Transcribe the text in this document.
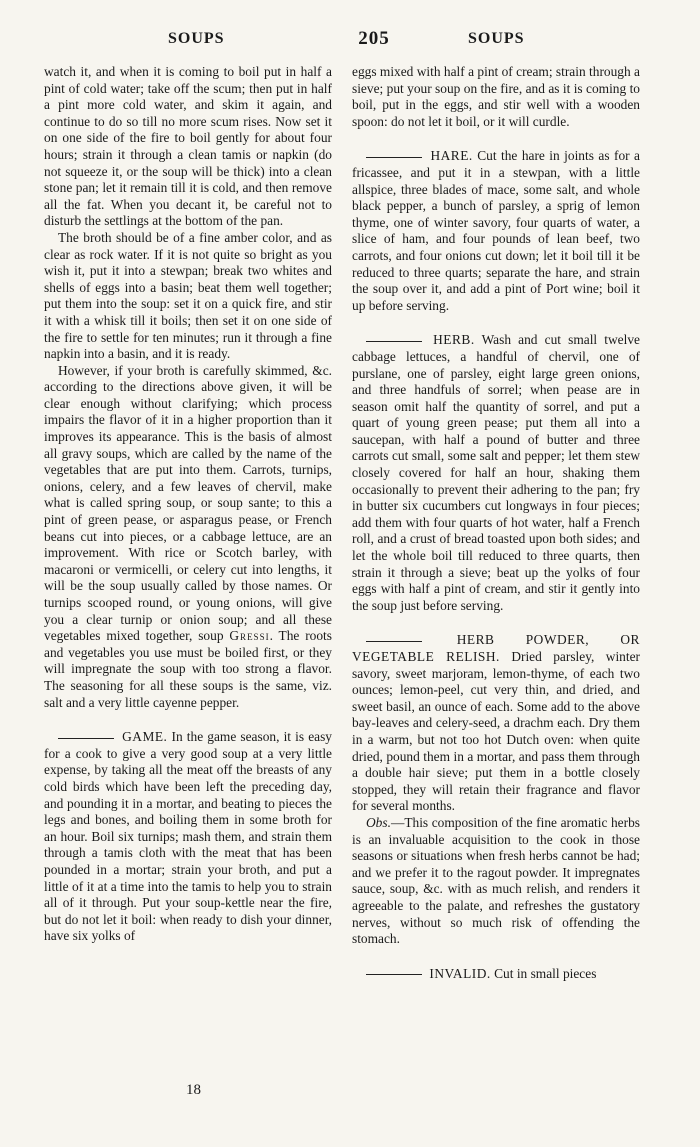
SOUPS	205	SOUPS

watch it, and when it is coming to boil put in half a pint of cold water; take off the scum; then put in half a pint more cold water, and skim it again, and continue to do so till no more scum rises. Now set it on one side of the fire to boil gently for about four hours; strain it through a clean tamis or napkin (do not squeeze it, or the soup will be thick) into a clean stone pan; let it remain till it is cold, and then remove all the fat. When you decant it, be careful not to disturb the settlings at the bottom of the pan.

The broth should be of a fine amber color, and as clear as rock water. If it is not quite so bright as you wish it, put it into a stewpan; break two whites and shells of eggs into a basin; beat them well together; put them into the soup: set it on a quick fire, and stir it with a whisk till it boils; then set it on one side of the fire to settle for ten minutes; run it through a fine napkin into a basin, and it is ready.

However, if your broth is carefully skimmed, &c. according to the directions above given, it will be clear enough without clarifying; which process impairs the flavor of it in a higher proportion than it improves its appearance. This is the basis of almost all gravy soups, which are called by the name of the vegetables that are put into them. Carrots, turnips, onions, celery, and a few leaves of chervil, make what is called spring soup, or soup sante; to this a pint of green pease, or asparagus pease, or French beans cut into pieces, or a cabbage lettuce, are an improvement. With rice or Scotch barley, with macaroni or vermicelli, or celery cut into lengths, it will be the soup usually called by those names. Or turnips scooped round, or young onions, will give you a clear turnip or onion soup; and all these vegetables mixed together, soup Gressi. The roots and vegetables you use must be boiled first, or they will impregnate the soup with too strong a flavor. The seasoning for all these soups is the same, viz. salt and a very little cayenne pepper.

GAME. In the game season, it is easy for a cook to give a very good soup at a very little expense, by taking all the meat off the breasts of any cold birds which have been left the preceding day, and pounding it in a mortar, and beating to pieces the legs and bones, and boiling them in some broth for an hour. Boil six turnips; mash them, and strain them through a tamis cloth with the meat that has been pounded in a mortar; strain your broth, and put a little of it at a time into the tamis to help you to strain all of it through. Put your soup-kettle near the fire, but do not let it boil: when ready to dish your dinner, have six yolks of

eggs mixed with half a pint of cream; strain through a sieve; put your soup on the fire, and as it is coming to boil, put in the eggs, and stir well with a wooden spoon: do not let it boil, or it will curdle.

HARE. Cut the hare in joints as for a fricassee, and put it in a stewpan, with a little allspice, three blades of mace, some salt, and whole black pepper, a bunch of parsley, a sprig of lemon thyme, one of winter savory, four quarts of water, a slice of ham, and four pounds of lean beef, two carrots, and four onions cut down; let it boil till it be reduced to three quarts; separate the hare, and strain the soup over it, and add a pint of Port wine; boil it up before serving.

HERB. Wash and cut small twelve cabbage lettuces, a handful of chervil, one of purslane, one of parsley, eight large green onions, and three handfuls of sorrel; when pease are in season omit half the quantity of sorrel, and put a quart of young green pease; put them all into a saucepan, with half a pound of butter and three carrots cut small, some salt and pepper; let them stew closely covered for half an hour, shaking them occasionally to prevent their adhering to the pan; fry in butter six cucumbers cut longways in four pieces; add them with four quarts of hot water, half a French roll, and a crust of bread toasted upon both sides; and let the whole boil till reduced to three quarts, then strain it through a sieve; beat up the yolks of four eggs with half a pint of cream, and stir it gently into the soup just before serving.

HERB POWDER, OR VEGETABLE RELISH. Dried parsley, winter savory, sweet marjoram, lemon-thyme, of each two ounces; lemon-peel, cut very thin, and dried, and sweet basil, an ounce of each. Some add to the above bay-leaves and celery-seed, a drachm each. Dry them in a warm, but not too hot Dutch oven: when quite dried, pound them in a mortar, and pass them through a double hair sieve; put them in a bottle closely stopped, they will retain their fragrance and flavor for several months.

Obs.—This composition of the fine aromatic herbs is an invaluable acquisition to the cook in those seasons or situations when fresh herbs cannot be had; and we prefer it to the ragout powder. It impregnates sauce, soup, &c. with as much relish, and renders it agreeable to the palate, and refreshes the gustatory nerves, without so much risk of offending the stomach.

INVALID. Cut in small pieces

18
